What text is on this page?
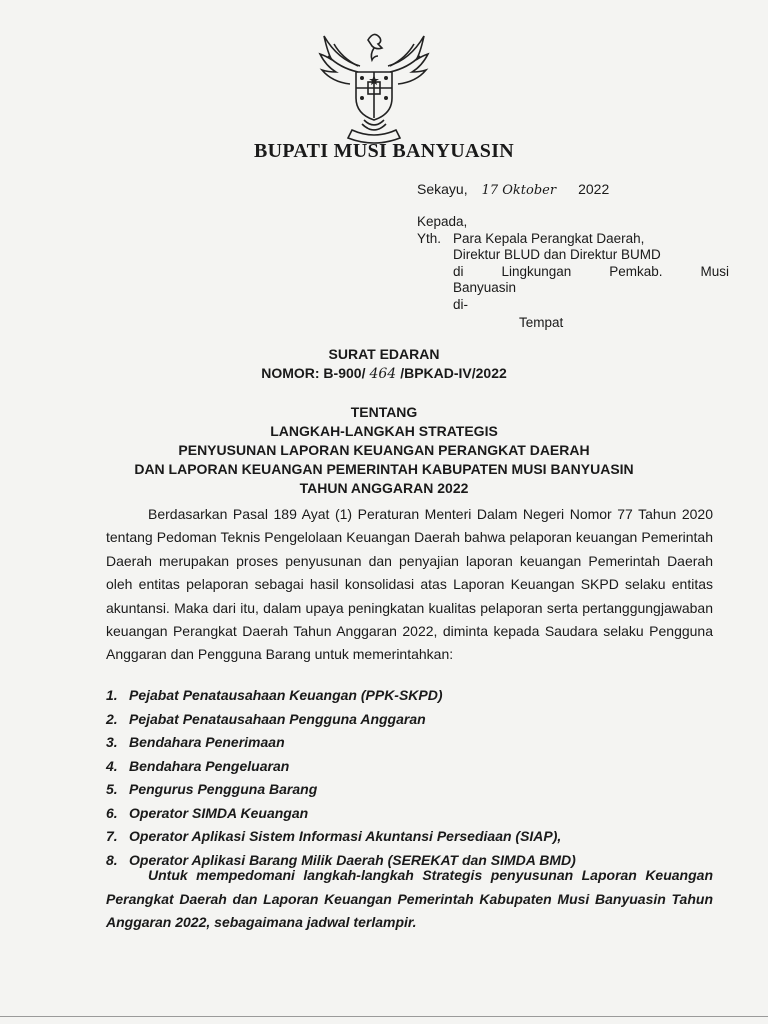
BUPATI MUSI BANYUASIN
Sekayu, 17 Oktober 2022
Kepada,
Yth. Para Kepala Perangkat Daerah,
Direktur BLUD dan Direktur BUMD
di Lingkungan Pemkab. Musi
Banyuasin
di-
Tempat
SURAT EDARAN
NOMOR: B-900/ 464 /BPKAD-IV/2022
TENTANG
LANGKAH-LANGKAH STRATEGIS
PENYUSUNAN LAPORAN KEUANGAN PERANGKAT DAERAH
DAN LAPORAN KEUANGAN PEMERINTAH KABUPATEN MUSI BANYUASIN
TAHUN ANGGARAN 2022
Berdasarkan Pasal 189 Ayat (1) Peraturan Menteri Dalam Negeri Nomor 77 Tahun 2020 tentang Pedoman Teknis Pengelolaan Keuangan Daerah bahwa pelaporan keuangan Pemerintah Daerah merupakan proses penyusunan dan penyajian laporan keuangan Pemerintah Daerah oleh entitas pelaporan sebagai hasil konsolidasi atas Laporan Keuangan SKPD selaku entitas akuntansi. Maka dari itu, dalam upaya peningkatan kualitas pelaporan serta pertanggungjawaban keuangan Perangkat Daerah Tahun Anggaran 2022, diminta kepada Saudara selaku Pengguna Anggaran dan Pengguna Barang untuk memerintahkan:
1. Pejabat Penatausahaan Keuangan (PPK-SKPD)
2. Pejabat Penatausahaan Pengguna Anggaran
3. Bendahara Penerimaan
4. Bendahara Pengeluaran
5. Pengurus Pengguna Barang
6. Operator SIMDA Keuangan
7. Operator Aplikasi Sistem Informasi Akuntansi Persediaan (SIAP),
8. Operator Aplikasi Barang Milik Daerah (SEREKAT dan SIMDA BMD)
Untuk mempedomani langkah-langkah Strategis penyusunan Laporan Keuangan Perangkat Daerah dan Laporan Keuangan Pemerintah Kabupaten Musi Banyuasin Tahun Anggaran 2022, sebagaimana jadwal terlampir.
